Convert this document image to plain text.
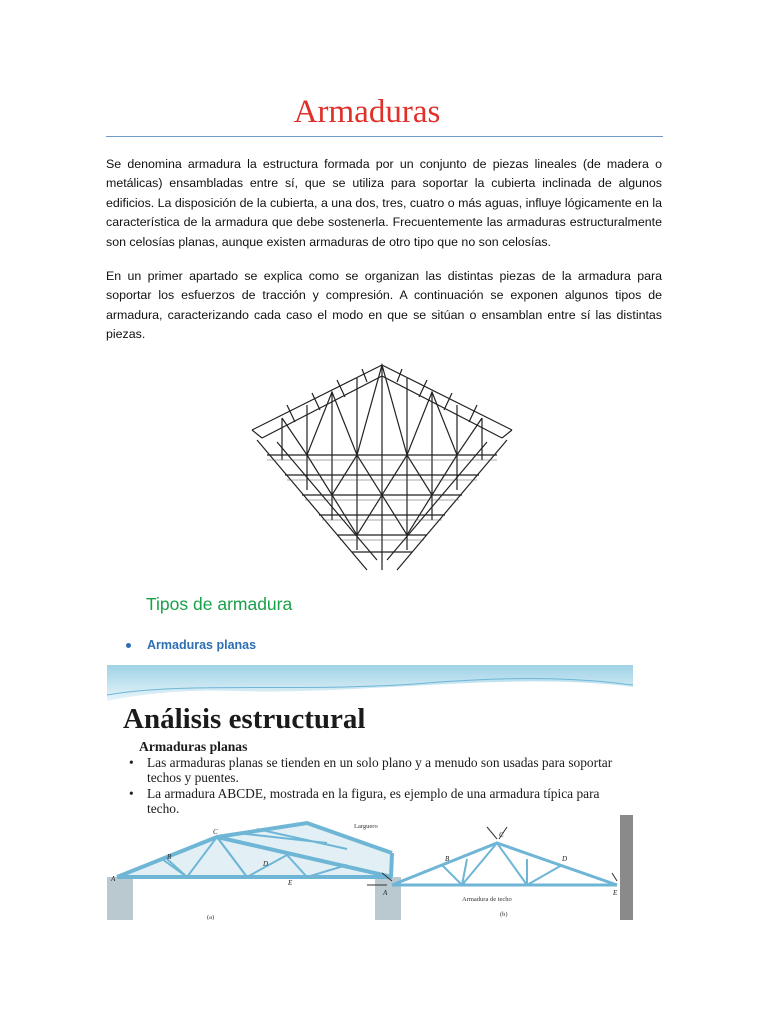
Armaduras

Se denomina armadura la estructura formada por un conjunto de piezas lineales (de madera o metálicas) ensambladas entre sí, que se utiliza para soportar la cubierta inclinada de algunos edificios. La disposición de la cubierta, a una dos, tres, cuatro o más aguas, influye lógicamente en la característica de la armadura que debe sostenerla. Frecuentemente las armaduras estructuralmente son celosías planas, aunque existen armaduras de otro tipo que no son celosías.

En un primer apartado se explica como se organizan las distintas piezas de la armadura para soportar los esfuerzos de tracción y compresión. A continuación se exponen algunos tipos de armadura, caracterizando cada caso el modo en que se sitúan o ensamblan entre sí las distintas piezas.

Tipos de armadura
Armaduras planas
Análisis estructural
Armaduras planas
• Las armaduras planas se tienden en un solo plano y a menudo son usadas para soportar techos y puentes.
• La armadura ABCDE, mostrada en la figura, es ejemplo de una armadura típica para techo.
B
C
D
A	E
Larguero
(a)
B
C
D
A	E
Armadura de techo
(b)
